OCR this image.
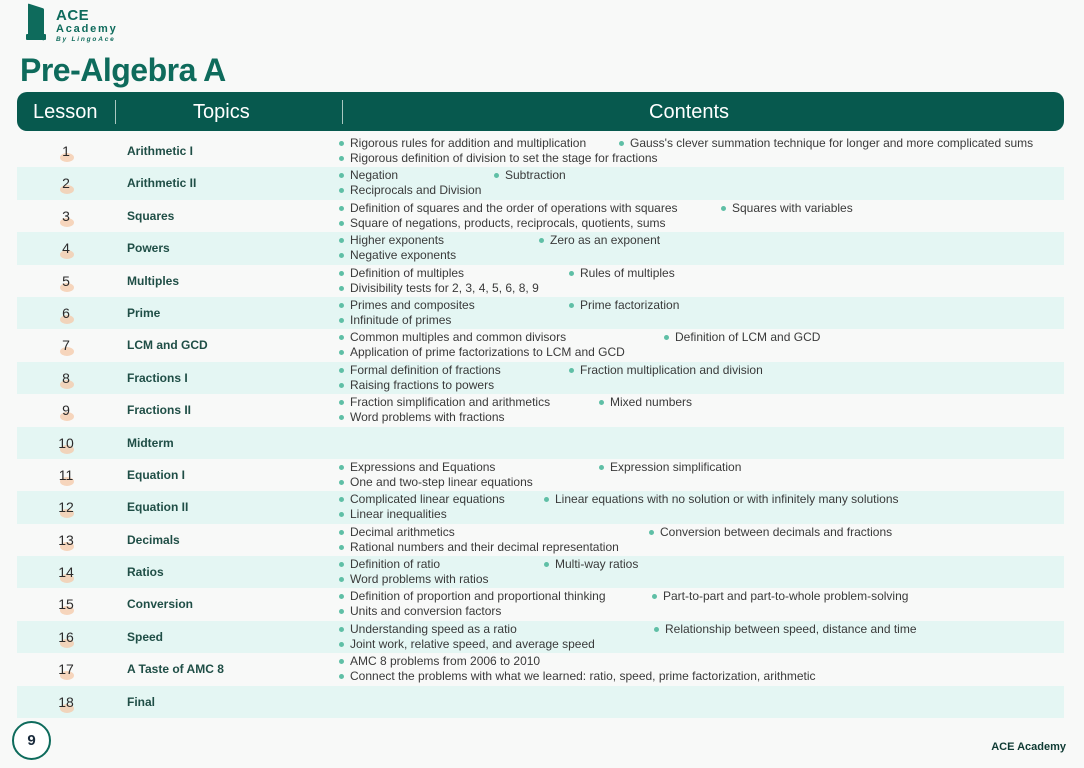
ACE
Academy
By LingoAce
Pre-Algebra A
Lesson	Topics	Contents
1	Arithmetic I
Rigorous rules for addition and multiplication	Gauss's clever summation technique for longer and more complicated sums
Rigorous definition of division to set the stage for fractions
2	Arithmetic II
Negation	Subtraction
Reciprocals and Division
3	Squares
Definition of squares and the order of operations with squares	Squares with variables
Square of negations, products, reciprocals, quotients, sums
4	Powers
Higher exponents	Zero as an exponent
Negative exponents
5	Multiples
Definition of multiples	Rules of multiples
Divisibility tests for 2, 3, 4, 5, 6, 8, 9
6	Prime
Primes and composites	Prime factorization
Infinitude of primes
7	LCM and GCD
Common multiples and common divisors	Definition of LCM and GCD
Application of prime factorizations to LCM and GCD
8	Fractions I
Formal definition of fractions	Fraction multiplication and division
Raising fractions to powers
9	Fractions II
Fraction simplification and arithmetics	Mixed numbers
Word problems with fractions
10	Midterm
11	Equation I
Expressions and Equations	Expression simplification
One and two-step linear equations
12	Equation II
Complicated linear equations	Linear equations with no solution or with infinitely many solutions
Linear inequalities
13	Decimals
Decimal arithmetics	Conversion between decimals and fractions
Rational numbers and their decimal representation
14	Ratios
Definition of ratio	Multi-way ratios
Word problems with ratios
15	Conversion
Definition of proportion and proportional thinking	Part-to-part and part-to-whole problem-solving
Units and conversion factors
16	Speed
Understanding speed as a ratio	Relationship between speed, distance and time
Joint work, relative speed, and average speed
17	A Taste of AMC 8
AMC 8 problems from 2006 to 2010
Connect the problems with what we learned: ratio, speed, prime factorization, arithmetic
18	Final
9	ACE Academy
